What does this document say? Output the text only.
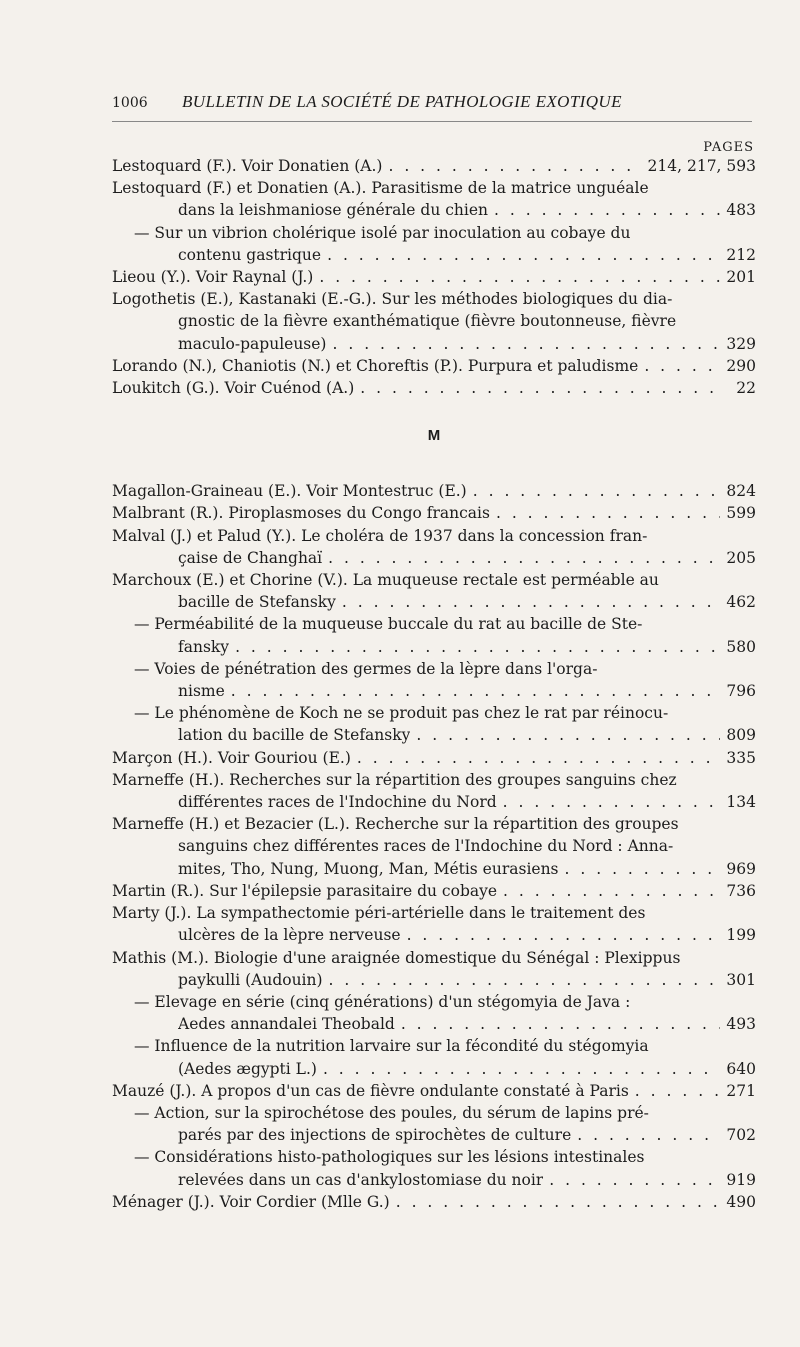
1006	BULLETIN DE LA SOCIÉTÉ DE PATHOLOGIE EXOTIQUE
PAGES
Lestoquard (F.). Voir Donatien (A.) . . .	214, 217, 593
Lestoquard (F.) et Donatien (A.). Parasitisme de la matrice unguéale
dans la leishmaniose générale du chien . . .	483
— Sur un vibrion cholérique isolé par inoculation au cobaye du
contenu gastrique . . .	212
Lieou (Y.). Voir Raynal (J.) . . .	201
Logothetis (E.), Kastanaki (E.-G.). Sur les méthodes biologiques du dia-
gnostic de la fièvre exanthématique (fièvre boutonneuse, fièvre
maculo-papuleuse) . . .	329
Lorando (N.), Chaniotis (N.) et Choreftis (P.). Purpura et paludisme . . .	290
Loukitch (G.). Voir Cuénod (A.) . . .	22
M
Magallon-Graineau (E.). Voir Montestruc (E.) . . .	824
Malbrant (R.). Piroplasmoses du Congo francais . . .	599
Malval (J.) et Palud (Y.). Le choléra de 1937 dans la concession fran-
çaise de Changhaï . . .	205
Marchoux (E.) et Chorine (V.). La muqueuse rectale est perméable au
bacille de Stefansky . . .	462
— Perméabilité de la muqueuse buccale du rat au bacille de Ste-
fansky . . .	580
— Voies de pénétration des germes de la lèpre dans l'orga-
nisme . . .	796
— Le phénomène de Koch ne se produit pas chez le rat par réinocu-
lation du bacille de Stefansky . . .	809
Marçon (H.). Voir Gouriou (E.) . . .	335
Marneffe (H.). Recherches sur la répartition des groupes sanguins chez
différentes races de l'Indochine du Nord . . .	134
Marneffe (H.) et Bezacier (L.). Recherche sur la répartition des groupes
sanguins chez différentes races de l'Indochine du Nord : Anna-
mites, Tho, Nung, Muong, Man, Métis eurasiens . . .	969
Martin (R.). Sur l'épilepsie parasitaire du cobaye . . .	736
Marty (J.). La sympathectomie péri-artérielle dans le traitement des
ulcères de la lèpre nerveuse . . .	199
Mathis (M.). Biologie d'une araignée domestique du Sénégal : Plexippus
paykulli (Audouin) . . .	301
— Elevage en série (cinq générations) d'un stégomyia de Java :
Aedes annandalei Theobald . . .	493
— Influence de la nutrition larvaire sur la fécondité du stégomyia
(Aedes ægypti L.) . . .	640
Mauzé (J.). A propos d'un cas de fièvre ondulante constaté à Paris . . .	271
— Action, sur la spirochétose des poules, du sérum de lapins pré-
parés par des injections de spirochètes de culture . . .	702
— Considérations histo-pathologiques sur les lésions intestinales
relevées dans un cas d'ankylostomiase du noir . . .	919
Ménager (J.). Voir Cordier (Mlle G.) . . .	490
